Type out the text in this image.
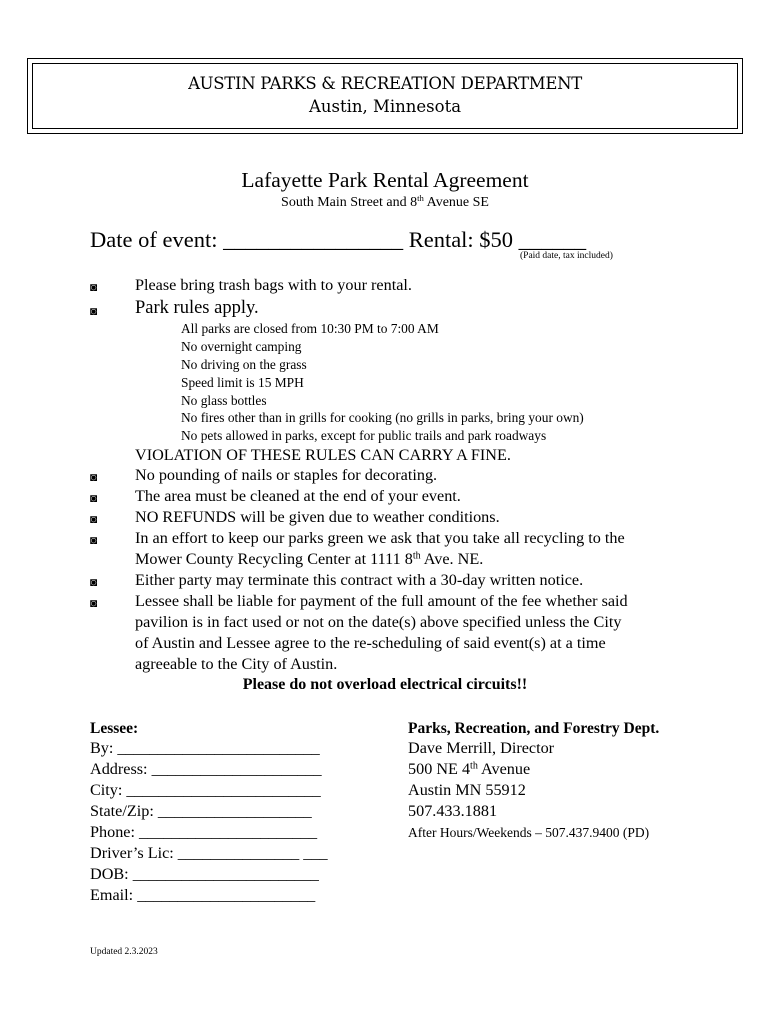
AUSTIN PARKS & RECREATION DEPARTMENT
Austin, Minnesota
Lafayette Park Rental Agreement
South Main Street and 8th Avenue SE
Date of event: ________________ Rental: $50 ______
(Paid date, tax included)
◙ Please bring trash bags with to your rental.
◙ Park rules apply.
All parks are closed from 10:30 PM to 7:00 AM
No overnight camping
No driving on the grass
Speed limit is 15 MPH
No glass bottles
No fires other than in grills for cooking (no grills in parks, bring your own)
No pets allowed in parks, except for public trails and park roadways
VIOLATION OF THESE RULES CAN CARRY A FINE.
◙ No pounding of nails or staples for decorating.
◙ The area must be cleaned at the end of your event.
◙ NO REFUNDS will be given due to weather conditions.
◙ In an effort to keep our parks green we ask that you take all recycling to the
Mower County Recycling Center at 1111 8th Ave. NE.
◙ Either party may terminate this contract with a 30-day written notice.
◙ Lessee shall be liable for payment of the full amount of the fee whether said
pavilion is in fact used or not on the date(s) above specified unless the City
of Austin and Lessee agree to the re-scheduling of said event(s) at a time
agreeable to the City of Austin.
Please do not overload electrical circuits!!
Lessee:
By: _________________________
Address: _____________________
City: ________________________
State/Zip: ___________________
Phone: ______________________
Driver’s Lic: _______________ ___
DOB: _______________________
Email: ______________________
Parks, Recreation, and Forestry Dept.
Dave Merrill, Director
500 NE 4th Avenue
Austin MN 55912
507.433.1881
After Hours/Weekends – 507.437.9400 (PD)
Updated 2.3.2023
